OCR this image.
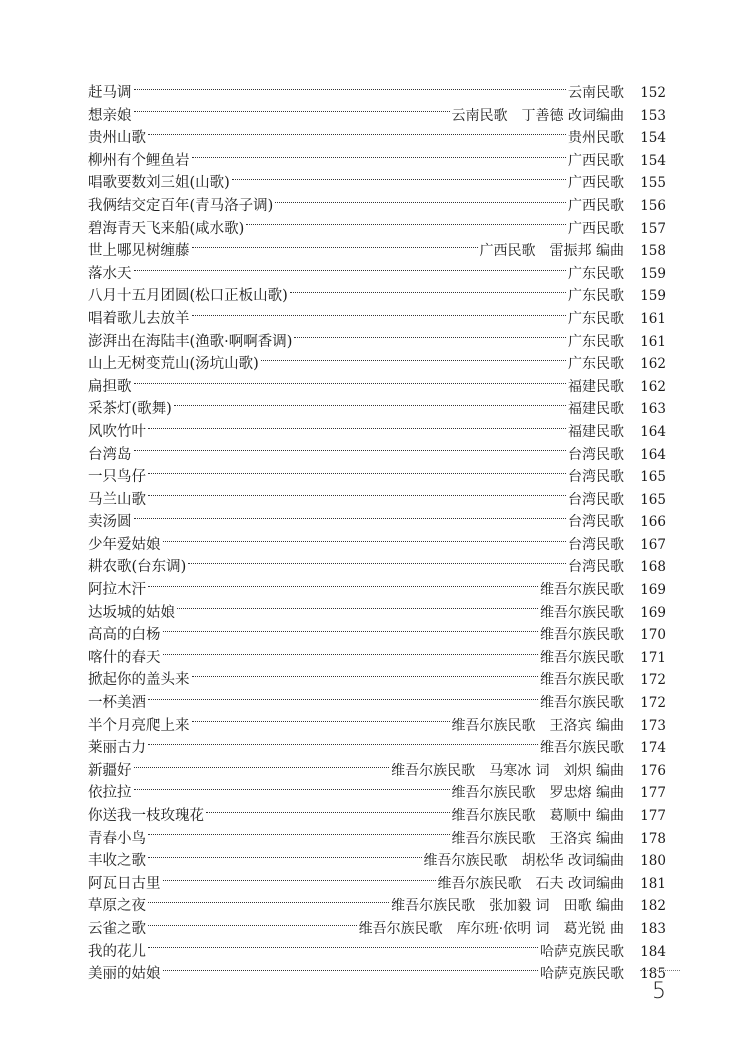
赶马调	云南民歌	152
想亲娘	云南民歌　丁善德 改词编曲	153
贵州山歌	贵州民歌	154
柳州有个鲤鱼岩	广西民歌	154
唱歌要数刘三姐(山歌)	广西民歌	155
我俩结交定百年(青马洛子调)	广西民歌	156
碧海青天飞来船(咸水歌)	广西民歌	157
世上哪见树缠藤	广西民歌　雷振邦 编曲	158
落水天	广东民歌	159
八月十五月团圆(松口正板山歌)	广东民歌	159
唱着歌儿去放羊	广东民歌	161
澎湃出在海陆丰(渔歌·啊啊香调)	广东民歌	161
山上无树变荒山(汤坑山歌)	广东民歌	162
扁担歌	福建民歌	162
采茶灯(歌舞)	福建民歌	163
风吹竹叶	福建民歌	164
台湾岛	台湾民歌	164
一只鸟仔	台湾民歌	165
马兰山歌	台湾民歌	165
卖汤圆	台湾民歌	166
少年爱姑娘	台湾民歌	167
耕农歌(台东调)	台湾民歌	168
阿拉木汗	维吾尔族民歌	169
达坂城的姑娘	维吾尔族民歌	169
高高的白杨	维吾尔族民歌	170
喀什的春天	维吾尔族民歌	171
掀起你的盖头来	维吾尔族民歌	172
一杯美酒	维吾尔族民歌	172
半个月亮爬上来	维吾尔族民歌　王洛宾 编曲	173
莱丽古力	维吾尔族民歌	174
新疆好	维吾尔族民歌　马寒冰 词　刘炽 编曲	176
依拉拉	维吾尔族民歌　罗忠熔 编曲	177
你送我一枝玫瑰花	维吾尔族民歌　葛顺中 编曲	177
青春小鸟	维吾尔族民歌　王洛宾 编曲	178
丰收之歌	维吾尔族民歌　胡松华 改词编曲	180
阿瓦日古里	维吾尔族民歌　石夫 改词编曲	181
草原之夜	维吾尔族民歌　张加毅 词　田歌 编曲	182
云雀之歌	维吾尔族民歌　库尔班·依明 词　葛光锐 曲	183
我的花儿	哈萨克族民歌	184
美丽的姑娘	哈萨克族民歌	185
5
